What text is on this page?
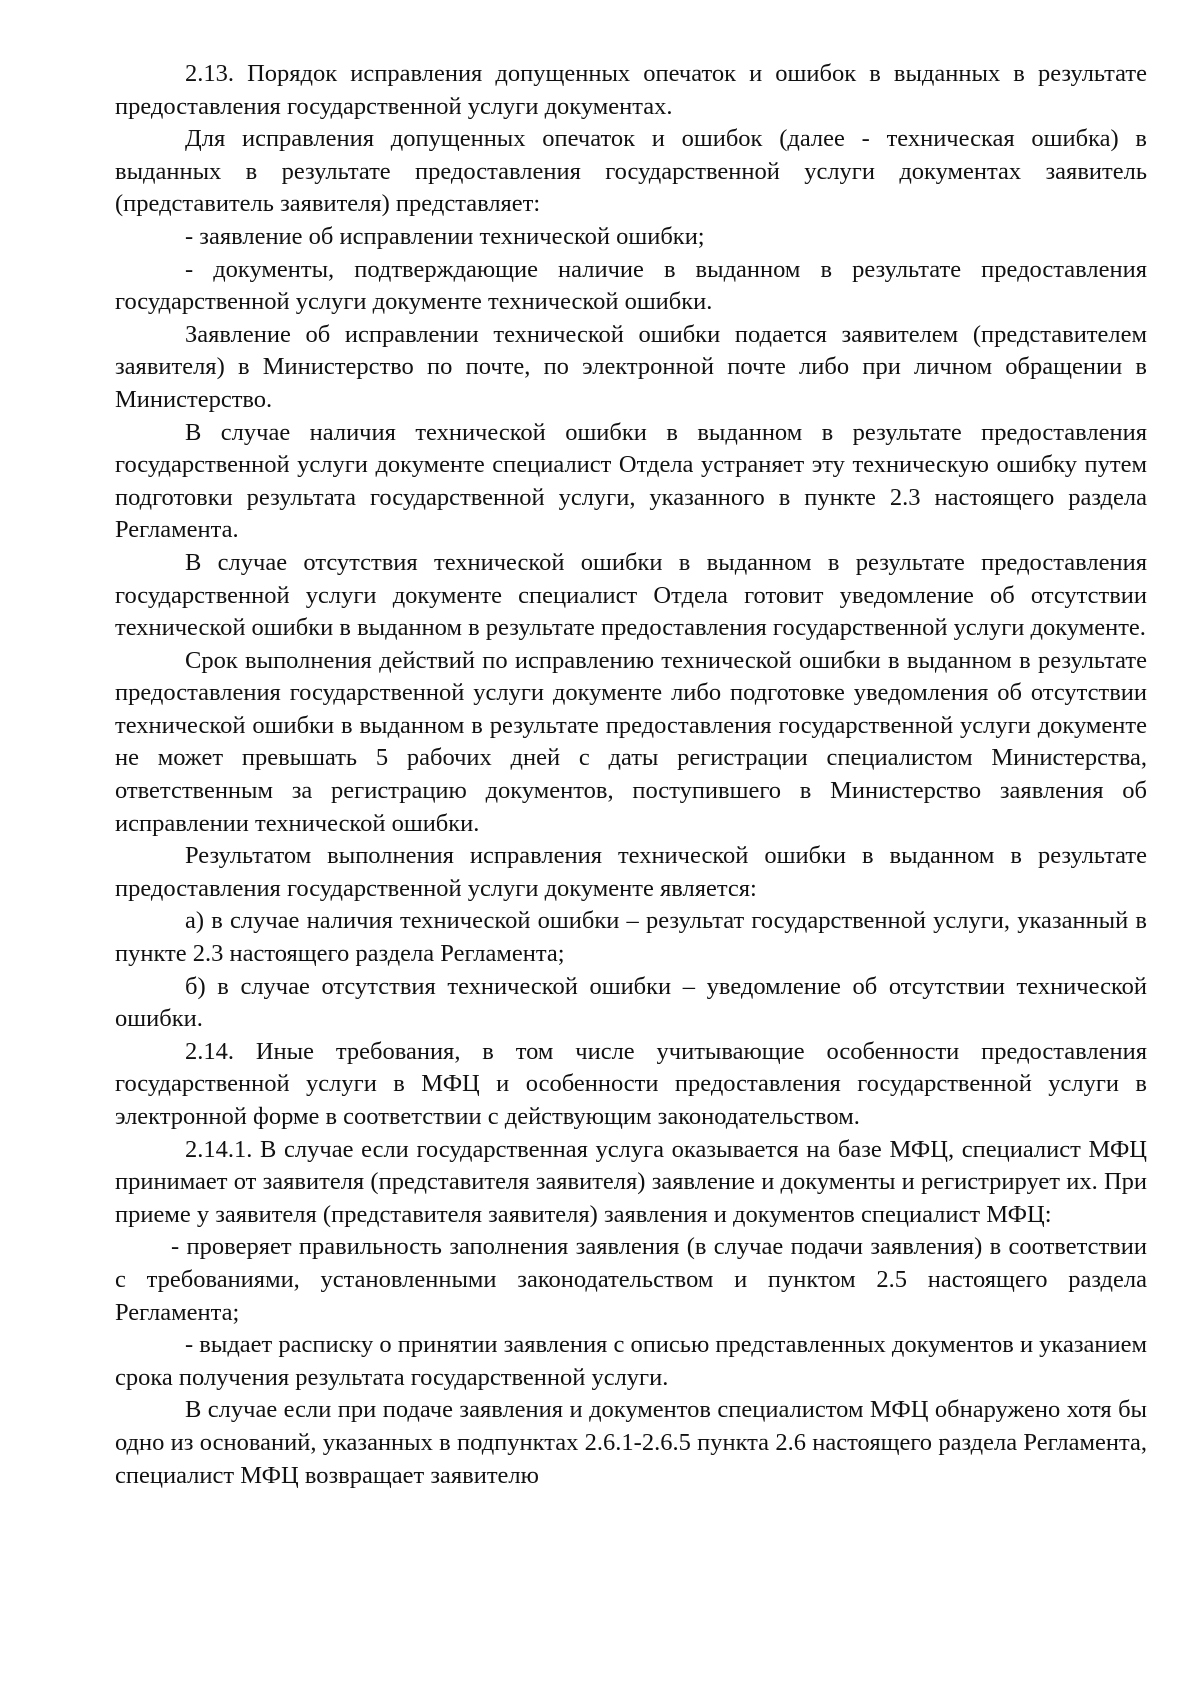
2.13. Порядок исправления допущенных опечаток и ошибок в выданных в результате предоставления государственной услуги документах.

Для исправления допущенных опечаток и ошибок (далее - техническая ошибка) в выданных в результате предоставления государственной услуги документах заявитель (представитель заявителя) представляет:

- заявление об исправлении технической ошибки;

- документы, подтверждающие наличие в выданном в результате предоставления государственной услуги документе технической ошибки.

Заявление об исправлении технической ошибки подается заявителем (представителем заявителя) в Министерство по почте, по электронной почте либо при личном обращении в Министерство.

В случае наличия технической ошибки в выданном в результате предоставления государственной услуги документе специалист Отдела устраняет эту техническую ошибку путем подготовки результата государственной услуги, указанного в пункте 2.3 настоящего раздела Регламента.

В случае отсутствия технической ошибки в выданном в результате предоставления государственной услуги документе специалист Отдела готовит уведомление об отсутствии технической ошибки в выданном в результате предоставления государственной услуги документе.

Срок выполнения действий по исправлению технической ошибки в выданном в результате предоставления государственной услуги документе либо подготовке уведомления об отсутствии технической ошибки в выданном в результате предоставления государственной услуги документе не может превышать 5 рабочих дней с даты регистрации специалистом Министерства, ответственным за регистрацию документов, поступившего в Министерство заявления об исправлении технической ошибки.

Результатом выполнения исправления технической ошибки в выданном в результате предоставления государственной услуги документе является:

а) в случае наличия технической ошибки – результат государственной услуги, указанный в пункте 2.3 настоящего раздела Регламента;

б) в случае отсутствия технической ошибки – уведомление об отсутствии технической ошибки.

2.14. Иные требования, в том числе учитывающие особенности предоставления государственной услуги в МФЦ и особенности предоставления государственной услуги в электронной форме в соответствии с действующим законодательством.

2.14.1. В случае если государственная услуга оказывается на базе МФЦ, специалист МФЦ принимает от заявителя (представителя заявителя) заявление и документы и регистрирует их. При приеме у заявителя (представителя заявителя) заявления и документов специалист МФЦ:

- проверяет правильность заполнения заявления (в случае подачи заявления) в соответствии с требованиями, установленными законодательством и пунктом 2.5 настоящего раздела Регламента;

- выдает расписку о принятии заявления с описью представленных документов и указанием срока получения результата государственной услуги.

В случае если при подаче заявления и документов специалистом МФЦ обнаружено хотя бы одно из оснований, указанных в подпунктах 2.6.1-2.6.5 пункта 2.6 настоящего раздела Регламента, специалист МФЦ возвращает заявителю
